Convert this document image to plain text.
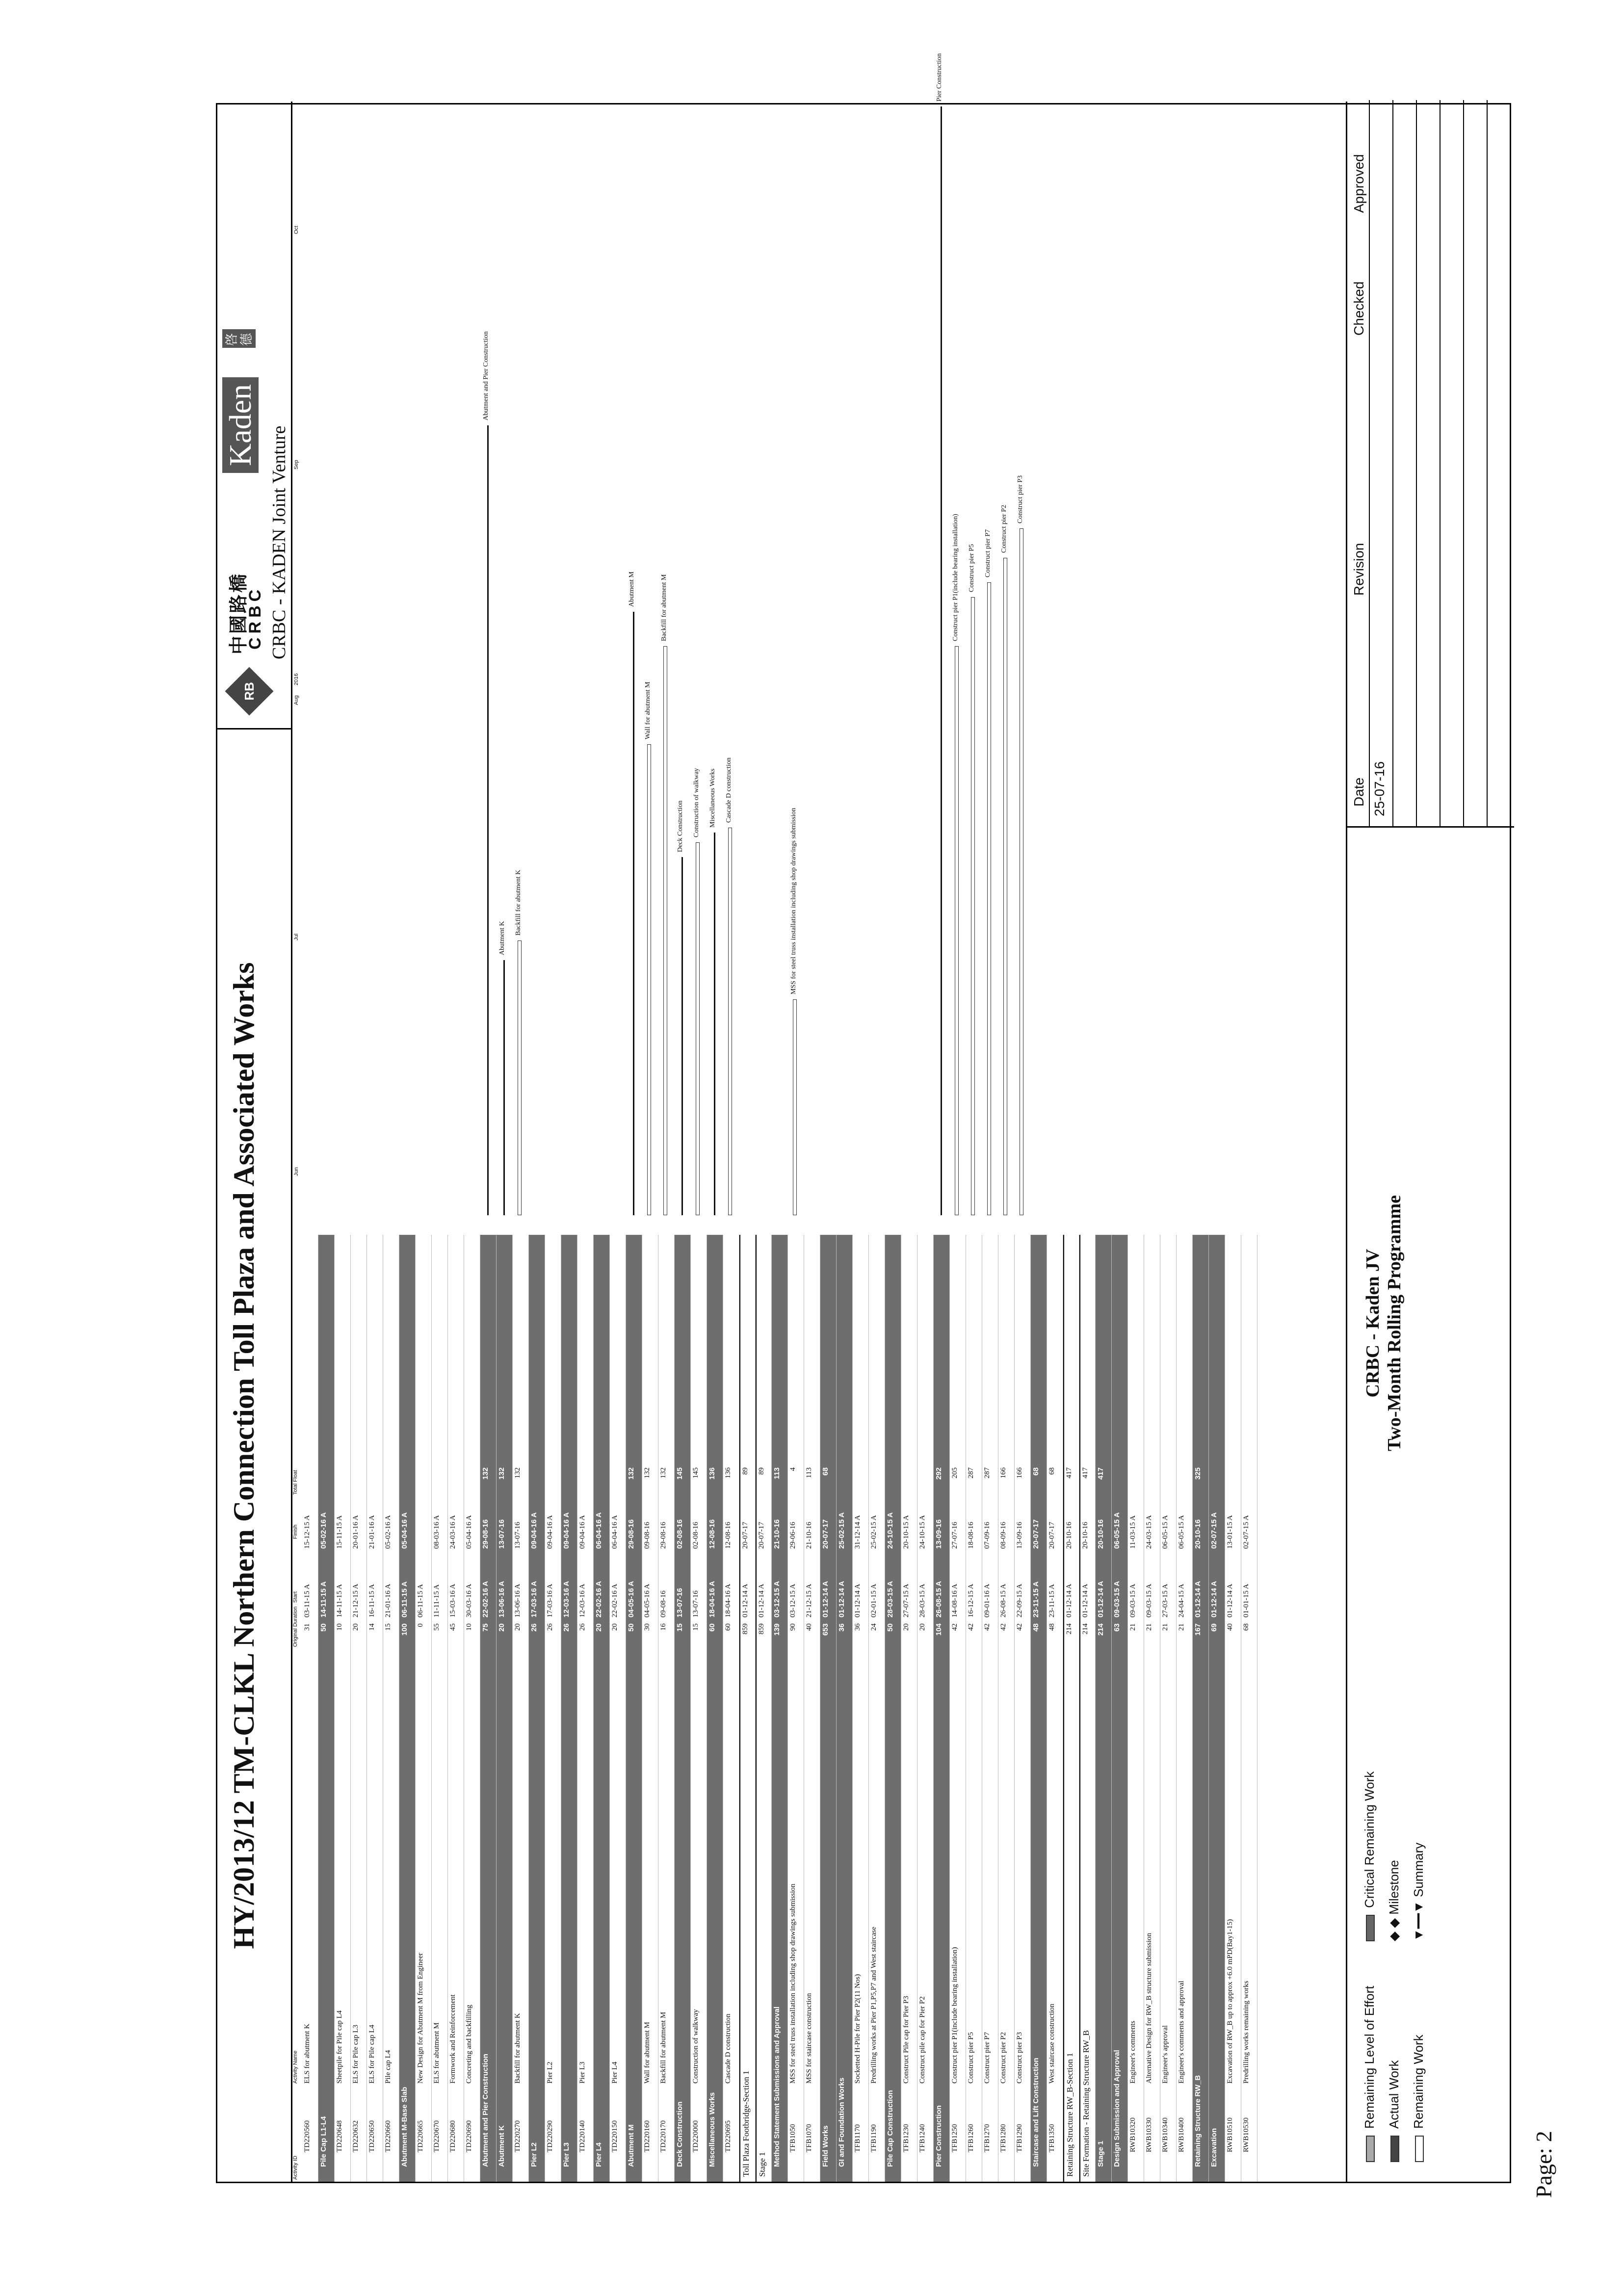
Page: 2
HY/2013/12 TM-CLKL Northern Connection Toll Plaza and Associated Works
RB
中國路橋
CRBC
Kaden
啓德
CRBC - KADEN Joint Venture
Activity ID
Activity Name
Original Duration
Start
Finish
Total Float
2016
Jun
Jul
Aug
Sep
Oct
TD220560
ELS for abutment K
31
03-11-15 A
15-12-15 A
Pile Cap L1-L4
50
14-11-15 A
05-02-16 A
TD220648
Sheetpile for Pile cap L4
10
14-11-15 A
15-11-15 A
TD220632
ELS for Pile cap L3
20
21-12-15 A
20-01-16 A
TD220650
ELS for Pile cap L4
14
16-11-15 A
21-01-16 A
TD220660
Pile cap L4
15
21-01-16 A
05-02-16 A
Abutment M-Base Slab
100
06-11-15 A
05-04-16 A
TD220665
New Design for Abutment M from Engineer
0
06-11-15 A
TD220670
ELS for abutment M
55
11-11-15 A
08-03-16 A
TD220680
Formwork and Reinforcement
45
15-03-16 A
24-03-16 A
TD220690
Concreting and backfilling
10
30-03-16 A
05-04-16 A
Abutment and Pier Construction
75
22-02-16 A
29-08-16
132
Abutment K
20
13-06-16 A
13-07-16
132
TD220270
Backfill for abutment K
20
13-06-16 A
13-07-16
132
Pier L2
26
17-03-16 A
09-04-16 A
TD220290
Pier L2
26
17-03-16 A
09-04-16 A
Pier L3
26
12-03-16 A
09-04-16 A
TD220140
Pier L3
26
12-03-16 A
09-04-16 A
Pier L4
20
22-02-16 A
06-04-16 A
TD220150
Pier L4
20
22-02-16 A
06-04-16 A
Abutment M
50
04-05-16 A
29-08-16
132
TD220160
Wall for abutment M
30
04-05-16 A
09-08-16
132
TD220170
Backfill for abutment M
16
09-08-16
29-08-16
132
Deck Construction
15
13-07-16
02-08-16
145
TD220000
Construction of walkway
15
13-07-16
02-08-16
145
Miscellaneous Works
60
18-04-16 A
12-08-16
136
TD220695
Cascade D construction
60
18-04-16 A
12-08-16
136
Toll Plaza Footbridge-Section 1
859
01-12-14 A
20-07-17
89
Stage 1
859
01-12-14 A
20-07-17
89
Method Statement Submissions and Approval
139
03-12-15 A
21-10-16
113
TFB1050
MSS for steel truss installation including shop drawings submission
90
03-12-15 A
29-06-16
4
TFB1070
MSS for staircase construction
40
21-12-15 A
21-10-16
113
Field Works
653
01-12-14 A
20-07-17
68
GI and Foundation Works
36
01-12-14 A
25-02-15 A
TFB1170
Socketted H-Pile for Pier P2(11 Nos)
36
01-12-14 A
31-12-14 A
TFB1190
Predrilling works at Pier P1,P5,P7 and West staircase
24
02-01-15 A
25-02-15 A
Pile Cap Construction
50
28-03-15 A
24-10-15 A
TFB1230
Construct Pile cap for Pier P3
20
27-07-15 A
20-10-15 A
TFB1240
Construct pile cap for Pier P2
20
28-03-15 A
24-10-15 A
Pier Construction
104
26-08-15 A
13-09-16
292
TFB1250
Construct pier P1(include bearing installation)
42
14-08-16 A
27-07-16
205
TFB1260
Construct pier P5
42
16-12-15 A
18-08-16
287
TFB1270
Construct pier P7
42
09-01-16 A
07-09-16
287
TFB1280
Construct pier P2
42
26-08-15 A
08-09-16
166
TFB1290
Construct pier P3
42
22-09-15 A
13-09-16
166
Staircase and Lift Construction
48
23-11-15 A
20-07-17
68
TFB1350
West staircase construction
48
23-11-15 A
20-07-17
68
Retaining Structure RW_B-Section 1
214
01-12-14 A
20-10-16
417
Site Formation - Retaining Structure RW_B
214
01-12-14 A
20-10-16
417
Stage 1
214
01-12-14 A
20-10-16
417
Design Submission and Approval
63
09-03-15 A
06-05-15 A
RWB10320
Engineer's comments
21
09-03-15 A
11-03-15 A
RWB10330
Alternative Design for RW_B structure submission
21
09-03-15 A
24-03-15 A
RWB10340
Engineer's approval
21
27-03-15 A
06-05-15 A
RWB10400
Engineer's comments and approval
21
24-04-15 A
06-05-15 A
Retaining Structure RW_B
167
01-12-14 A
20-10-16
325
Excavation
69
01-12-14 A
02-07-15 A
RWB10510
Excavation of RW_B up to approx +6.0 mPD(Bay1-15)
40
01-12-14 A
13-01-15 A
RWB10530
Predrilling works remaining works
68
01-01-15 A
02-07-15 A
Abutment and Pier Construction
Abutment K
Backfill for abutment K
Abutment M
Wall for abutment M
Backfill for abutment M
Deck Construction Construction of walkway Miscellaneous Works Cascade D construction
MSS for steel truss installation including shop drawings submission
Pier Construction
Construct pier P1(include bearing installation) Construct pier P5 Construct pier P7
Construct pier P2
Construct pier P3
Remaining Level of Effort Actual Work Remaining Work
Critical Remaining Work
◆ ◆ Milestone
▼━━▼ Summary
CRBC - Kaden JV Two-Month Rolling Programme
Date
Revision
Checked
Approved
25-07-16
